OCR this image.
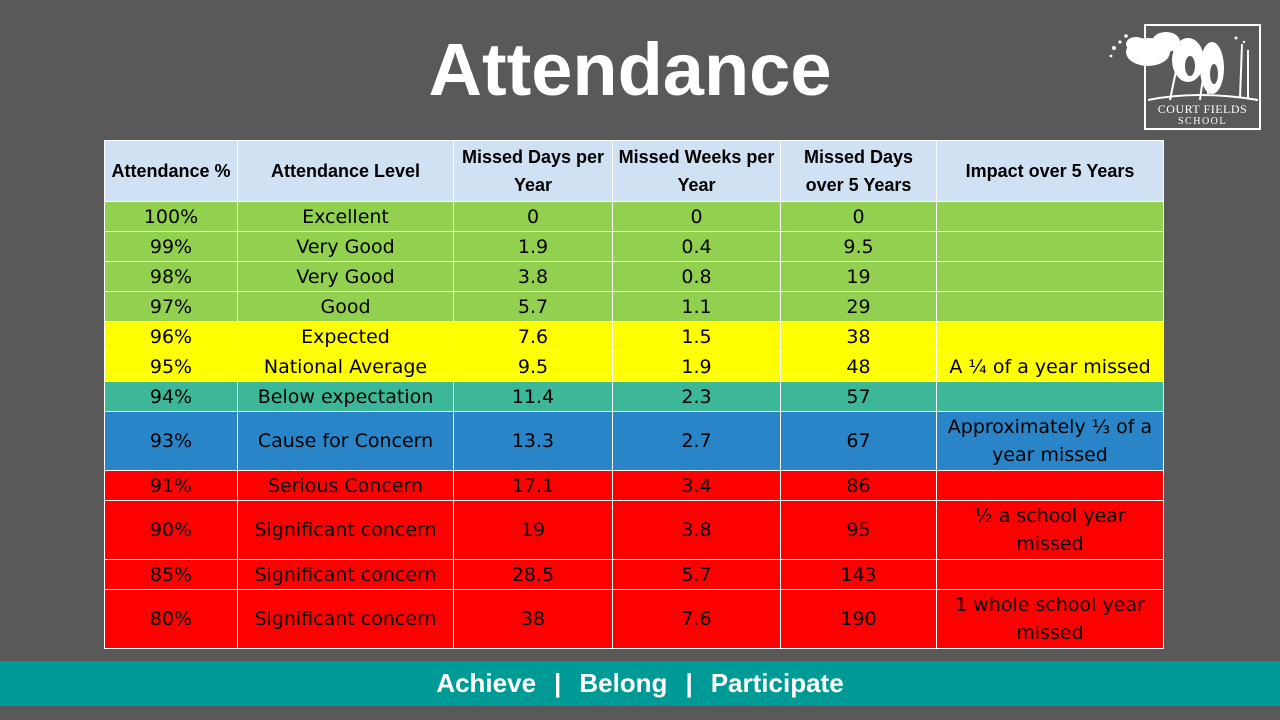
Attendance	COURT FIELDS
SCHOOL
Attendance %	Attendance Level	Missed Days per Year	Missed Weeks per Year	Missed Days over 5 Years	Impact over 5 Years
100%	Excellent	0	0	0	
99%	Very Good	1.9	0.4	9.5	
98%	Very Good	3.8	0.8	19	
97%	Good	5.7	1.1	29	
96%	Expected	7.6	1.5	38	
95%	National Average	9.5	1.9	48	A ¼ of a year missed
94%	Below expectation	11.4	2.3	57	
93%	Cause for Concern	13.3	2.7	67	Approximately ⅓ of a year missed
91%	Serious Concern	17.1	3.4	86	
90%	Significant concern	19	3.8	95	½ a school year missed
85%	Significant concern	28.5	5.7	143	
80%	Significant concern	38	7.6	190	1 whole school year missed
Achieve | Belong | Participate
